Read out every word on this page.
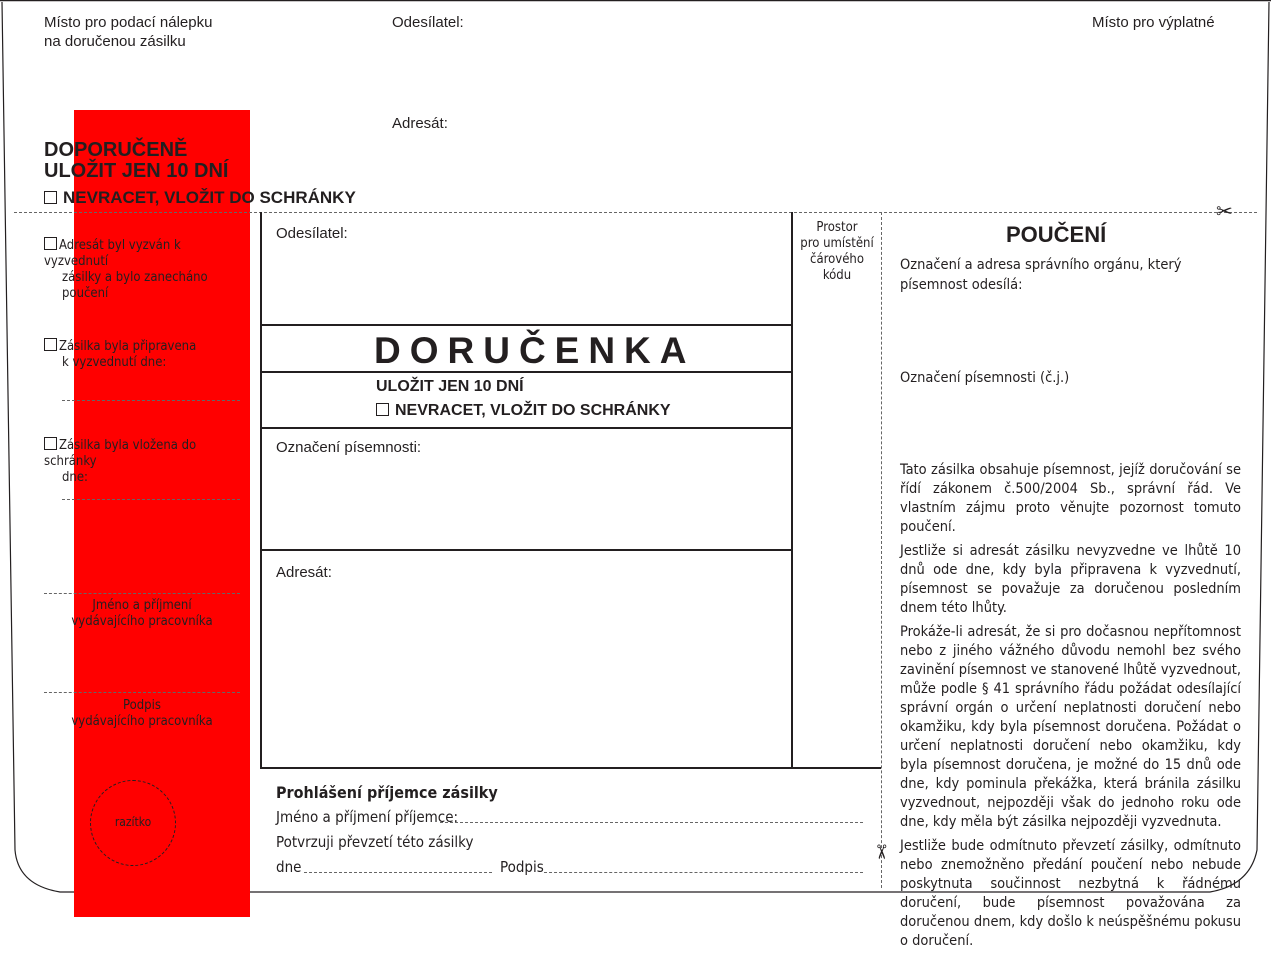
Místo pro podací nálepku
na doručenou zásilku
Odesílatel:	Místo pro výplatné
Adresát:
DOPORUČENĚ
ULOŽIT JEN 10 DNÍ
NEVRACET, VLOŽIT DO SCHRÁNKY
✂
Adresát byl vyzván k vyzvednutí
zásilky a bylo zanecháno poučení
Zásilka byla připravena
k vyzvednutí dne:
Zásilka byla vložena do schránky
dne:
Jméno a příjmení
vydávajícího pracovníka
Podpis
vydávajícího pracovníka
razítko
Odesílatel:
DORUČENKA
ULOŽIT JEN 10 DNÍ
NEVRACET, VLOŽIT DO SCHRÁNKY
Označení písemnosti:
Adresát:
Prostor
pro umístění
čárového
kódu
✂
Prohlášení příjemce zásilky
Jméno a příjmení příjemce:
Potvrzuji převzetí této zásilky
dne	Podpis
POUČENÍ
Označení a adresa správního orgánu, který písemnost odesílá:
Označení písemnosti (č.j.)

Tato zásilka obsahuje písemnost, jejíž doručování se řídí zákonem č.500/2004 Sb., správní řád. Ve vlastním zájmu proto věnujte pozornost tomuto poučení.

Jestliže si adresát zásilku nevyzvedne ve lhůtě 10 dnů ode dne, kdy byla připravena k vyzvednutí, písemnost se považuje za doručenou posledním dnem této lhůty.

Prokáže-li adresát, že si pro dočasnou nepřítomnost nebo z jiného vážného důvodu nemohl bez svého zavinění písemnost ve stanovené lhůtě vyzvednout, může podle § 41 správního řádu požádat odesílající správní orgán o určení neplatnosti doručení nebo okamžiku, kdy byla písemnost doručena. Požádat o určení neplatnosti doručení nebo okamžiku, kdy byla písemnost doručena, je možné do 15 dnů ode dne, kdy pominula překážka, která bránila zásilku vyzvednout, nejpozději však do jednoho roku ode dne, kdy měla být zásilka nejpozději vyzvednuta.

Jestliže bude odmítnuto převzetí zásilky, odmítnuto nebo znemožněno předání poučení nebo nebude poskytnuta součinnost nezbytná k řádnému doručení, bude písemnost považována za doručenou dnem, kdy došlo k neúspěšnému pokusu o doručení.
